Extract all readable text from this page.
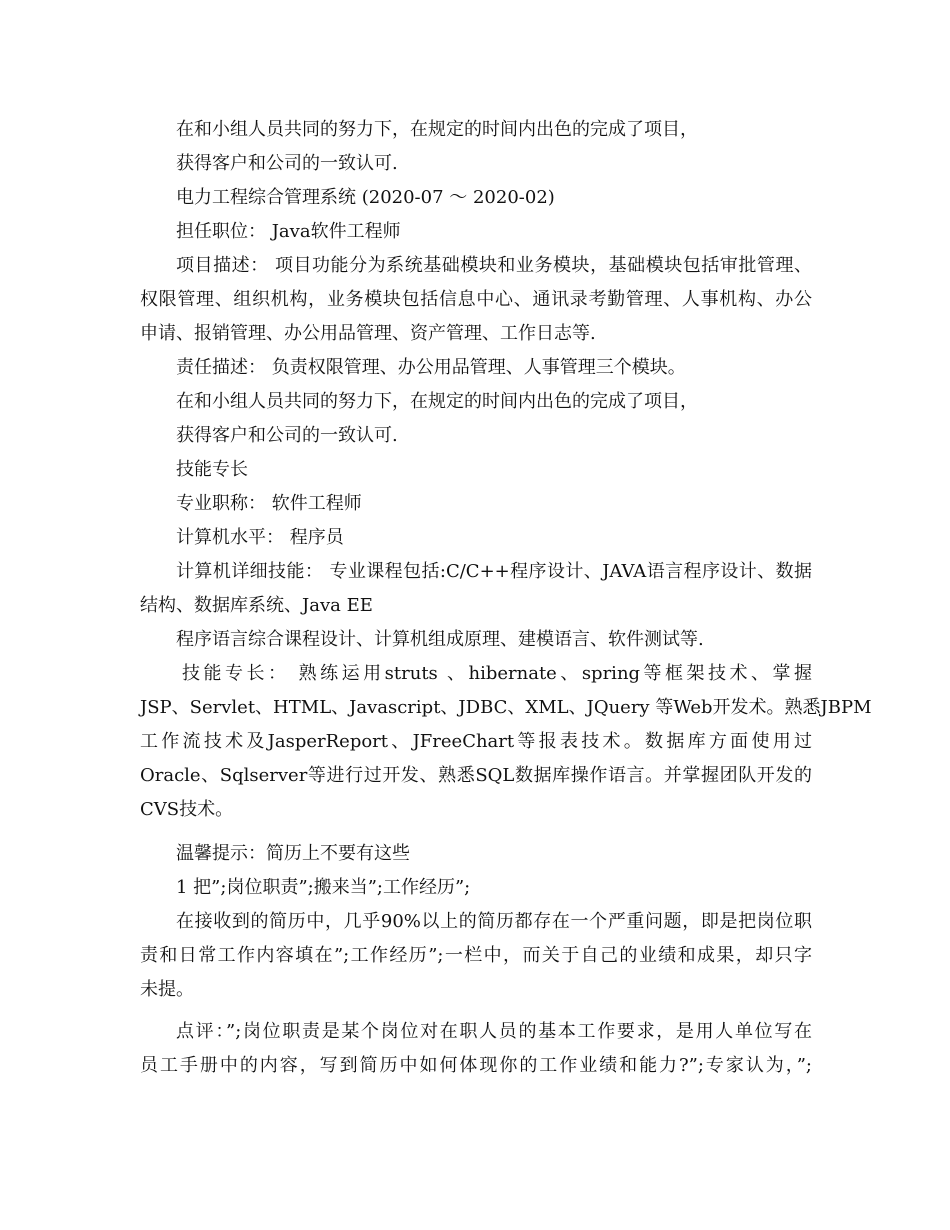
在和小组人员共同的努力下，在规定的时间内出色的完成了项目，
获得客户和公司的一致认可.
电力工程综合管理系统 (2020-07 ～ 2020-02)
担任职位： Java软件工程师
项目描述： 项目功能分为系统基础模块和业务模块，基础模块包括审批管理、
权限管理、组织机构，业务模块包括信息中心、通讯录考勤管理、人事机构、办公
申请、报销管理、办公用品管理、资产管理、工作日志等.
责任描述： 负责权限管理、办公用品管理、人事管理三个模块。
在和小组人员共同的努力下，在规定的时间内出色的完成了项目，
获得客户和公司的一致认可.
技能专长
专业职称： 软件工程师
计算机水平： 程序员
计算机详细技能： 专业课程包括:C/C++程序设计、JAVA语言程序设计、数据
结构、数据库系统、Java EE
程序语言综合课程设计、计算机组成原理、建模语言、软件测试等.
技能专长： 熟练运用struts 、hibernate、spring等框架技术、掌握
JSP、Servlet、HTML、Javascript、JDBC、XML、JQuery 等Web开发术。熟悉JBPM
工作流技术及JasperReport、JFreeChart等报表技术。数据库方面使用过
Oracle、Sqlserver等进行过开发、熟悉SQL数据库操作语言。并掌握团队开发的
CVS技术。
温馨提示：简历上不要有这些
1 把”;岗位职责”;搬来当”;工作经历”;
在接收到的简历中，几乎90%以上的简历都存在一个严重问题，即是把岗位职
责和日常工作内容填在”;工作经历”;一栏中，而关于自己的业绩和成果，却只字
未提。
点评：”;岗位职责是某个岗位对在职人员的基本工作要求，是用人单位写在
员工手册中的内容，写到简历中如何体现你的工作业绩和能力?”;专家认为，”;
